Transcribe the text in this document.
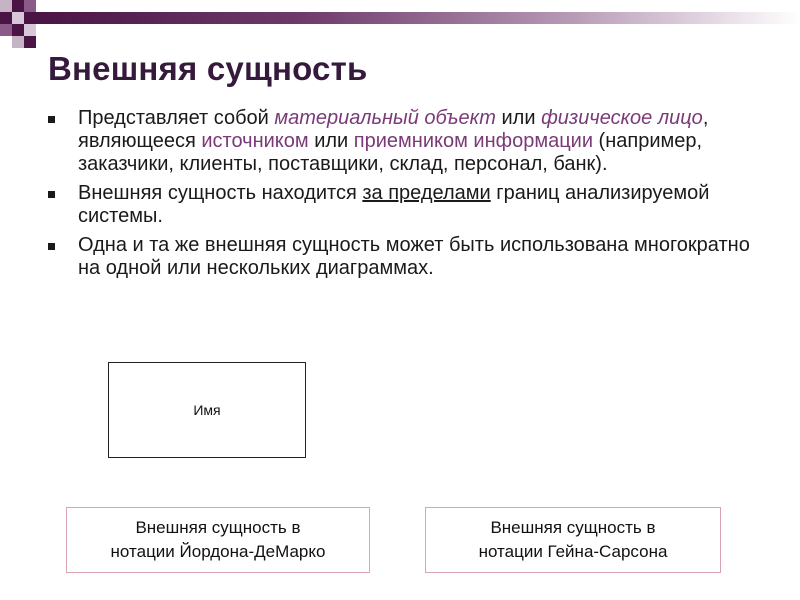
Внешняя сущность
Представляет собой материальный объект или физическое лицо, являющееся источником или приемником информации (например, заказчики, клиенты, поставщики, склад, персонал, банк).
Внешняя сущность находится за пределами границ анализируемой системы.
Одна и та же внешняя сущность может быть использована многократно на одной или нескольких диаграммах.
Имя
Внешняя сущность в
нотации Йордона-ДеМарко
Внешняя сущность в
нотации Гейна-Сарсона
